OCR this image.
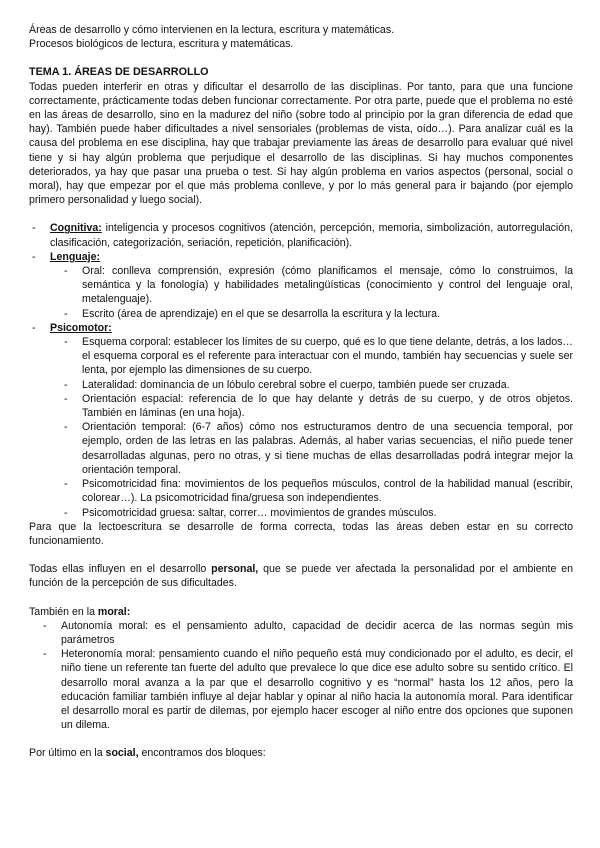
Áreas de desarrollo y cómo intervienen en la lectura, escritura y matemáticas.

Procesos biológicos de lectura, escritura y matemáticas.

TEMA 1. ÁREAS DE DESARROLLO

Todas pueden interferir en otras y dificultar el desarrollo de las disciplinas. Por tanto, para que una funcione correctamente, prácticamente todas deben funcionar correctamente. Por otra parte, puede que el problema no esté en las áreas de desarrollo, sino en la madurez del niño (sobre todo al principio por la gran diferencia de edad que hay). También puede haber dificultades a nivel sensoriales (problemas de vista, oído…). Para analizar cuál es la causa del problema en ese disciplina, hay que trabajar previamente las áreas de desarrollo para evaluar qué nivel tiene y si hay algún problema que perjudique el desarrollo de las disciplinas. Si hay muchos componentes deteriorados, ya hay que pasar una prueba o test. Si hay algún problema en varios aspectos (personal, social o moral), hay que empezar por el que más problema conlleve, y por lo más general para ir bajando (por ejemplo primero personalidad y luego social).

- Cognitiva: inteligencia y procesos cognitivos (atención, percepción, memoria, simbolización, autorregulación, clasificación, categorización, seriación, repetición, planificación).
- Lenguaje:
- Oral: conlleva comprensión, expresión (cómo planificamos el mensaje, cómo lo construimos, la semántica y la fonología) y habilidades metalingüísticas (conocimiento y control del lenguaje oral, metalenguaje).
- Escrito (área de aprendizaje) en el que se desarrolla la escritura y la lectura.
- Psicomotor:
- Esquema corporal: establecer los límites de su cuerpo, qué es lo que tiene delante, detrás, a los lados… el esquema corporal es el referente para interactuar con el mundo, también hay secuencias y suele ser lenta, por ejemplo las dimensiones de su cuerpo.
- Lateralidad: dominancia de un lóbulo cerebral sobre el cuerpo, también puede ser cruzada.
- Orientación espacial: referencia de lo que hay delante y detrás de su cuerpo, y de otros objetos. También en láminas (en una hoja).
- Orientación temporal: (6-7 años) cómo nos estructuramos dentro de una secuencia temporal, por ejemplo, orden de las letras en las palabras. Además, al haber varias secuencias, el niño puede tener desarrolladas algunas, pero no otras, y si tiene muchas de ellas desarrolladas podrá integrar mejor la orientación temporal.
- Psicomotricidad fina: movimientos de los pequeños músculos, control de la habilidad manual (escribir, colorear…). La psicomotricidad fina/gruesa son independientes.
- Psicomotricidad gruesa: saltar, correr… movimientos de grandes músculos.

Para que la lectoescritura se desarrolle de forma correcta, todas las áreas deben estar en su correcto funcionamiento.

Todas ellas influyen en el desarrollo personal, que se puede ver afectada la personalidad por el ambiente en función de la percepción de sus dificultades.

También en la moral:

- Autonomía moral: es el pensamiento adulto, capacidad de decidir acerca de las normas según mis parámetros
- Heteronomía moral: pensamiento cuando el niño pequeño está muy condicionado por el adulto, es decir, el niño tiene un referente tan fuerte del adulto que prevalece lo que dice ese adulto sobre su sentido crítico. El desarrollo moral avanza a la par que el desarrollo cognitivo y es “normal” hasta los 12 años, pero la educación familiar también influye al dejar hablar y opinar al niño hacia la autonomía moral. Para identificar el desarrollo moral es partir de dilemas, por ejemplo hacer escoger al niño entre dos opciones que suponen un dilema.

Por último en la social, encontramos dos bloques:
